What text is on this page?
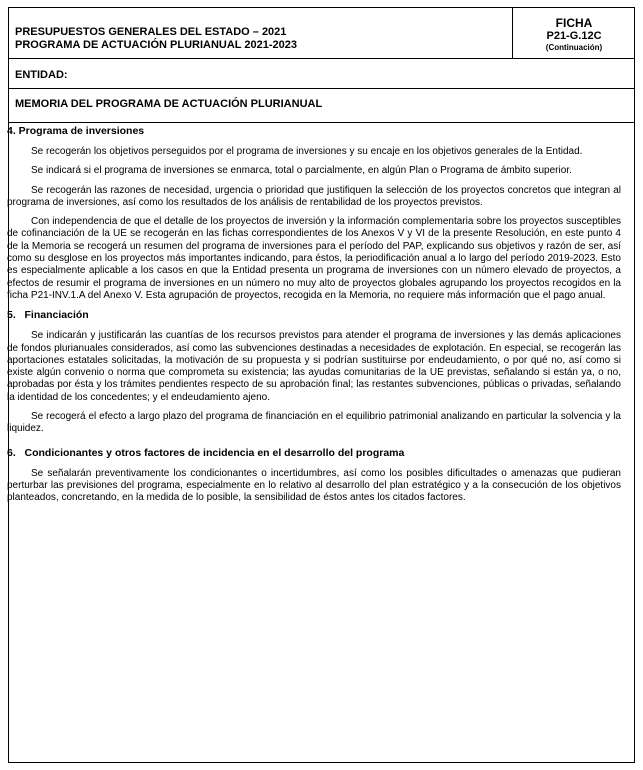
PRESUPUESTOS GENERALES DEL ESTADO – 2021
PROGRAMA DE ACTUACIÓN PLURIANUAL 2021-2023
FICHA
P21-G.12C
(Continuación)
ENTIDAD:
MEMORIA DEL PROGRAMA DE ACTUACIÓN PLURIANUAL
4. Programa de inversiones

Se recogerán los objetivos perseguidos por el programa de inversiones y su encaje en los objetivos generales de la Entidad.

Se indicará si el programa de inversiones se enmarca, total o parcialmente, en algún Plan o Programa de ámbito superior.

Se recogerán las razones de necesidad, urgencia o prioridad que justifiquen la selección de los proyectos concretos que integran al programa de inversiones, así como los resultados de los análisis de rentabilidad de los proyectos previstos.

Con independencia de que el detalle de los proyectos de inversión y la información complementaria sobre los proyectos susceptibles de cofinanciación de la UE se recogerán en las fichas correspondientes de los Anexos V y VI de la presente Resolución, en este punto 4 de la Memoria se recogerá un resumen del programa de inversiones para el período del PAP, explicando sus objetivos y razón de ser, así como su desglose en los proyectos más importantes indicando, para éstos, la periodificación anual a lo largo del período 2019-2023. Esto es especialmente aplicable a los casos en que la Entidad presenta un programa de inversiones con un número elevado de proyectos, a efectos de resumir el programa de inversiones en un número no muy alto de proyectos globales agrupando los proyectos recogidos en la ficha P21-INV.1.A del Anexo V. Esta agrupación de proyectos, recogida en la Memoria, no requiere más información que el pago anual.

5.   Financiación

Se indicarán y justificarán las cuantías de los recursos previstos para atender el programa de inversiones y las demás aplicaciones de fondos plurianuales considerados, así como las subvenciones destinadas a necesidades de explotación. En especial, se recogerán las aportaciones estatales solicitadas, la motivación de su propuesta y si podrían sustituirse por endeudamiento, o por qué no, así como si existe algún convenio o norma que comprometa su existencia; las ayudas comunitarias de la UE previstas, señalando si están ya, o no, aprobadas por ésta y los trámites pendientes respecto de su aprobación final; las restantes subvenciones, públicas o privadas, señalando la identidad de los concedentes; y el endeudamiento ajeno.

Se recogerá el efecto a largo plazo del programa de financiación en el equilibrio patrimonial analizando en particular la solvencia y la liquidez.

6.   Condicionantes y otros factores de incidencia en el desarrollo del programa

Se señalarán preventivamente los condicionantes o incertidumbres, así como los posibles dificultades o amenazas que pudieran perturbar las previsiones del programa, especialmente en lo relativo al desarrollo del plan estratégico y a la consecución de los objetivos planteados, concretando, en la medida de lo posible, la sensibilidad de éstos antes los citados factores.
